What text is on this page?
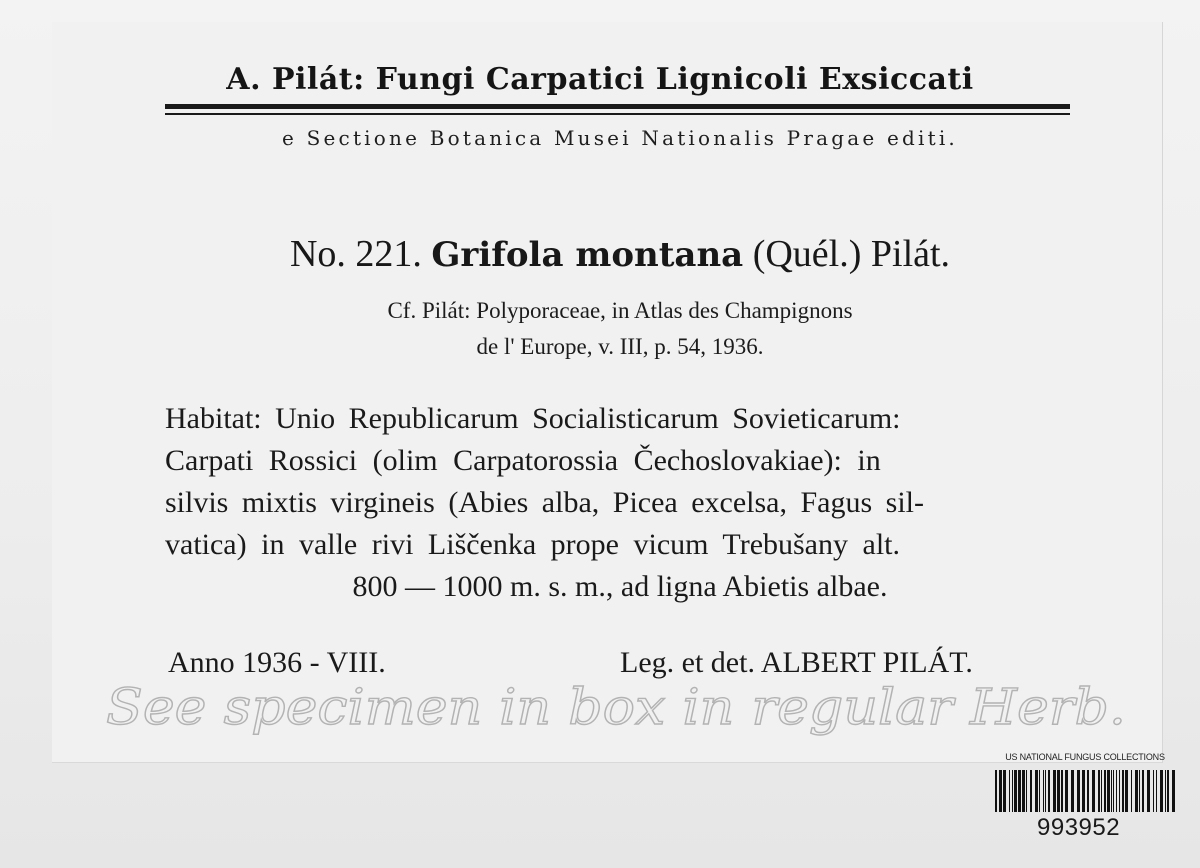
A. Pilát: Fungi Carpatici Lignicoli Exsiccati
e Sectione Botanica Musei Nationalis Pragae editi.
No. 221. Grifola montana (Quél.) Pilát.
Cf. Pilát: Polyporaceae, in Atlas des Champignons
de l' Europe, v. III, p. 54, 1936.
Habitat: Unio Republicarum Socialisticarum Sovieticarum:
Carpati Rossici (olim Carpatorossia Čechoslovakiae): in
silvis mixtis virgineis (Abies alba, Picea excelsa, Fagus sil-
vatica) in valle rivi Liščenka prope vicum Trebušany alt.
800 — 1000 m. s. m., ad ligna Abietis albae.
Anno 1936 - VIII.	Leg. et det. ALBERT PILÁT.
See specimen in box in regular Herb.
US NATIONAL FUNGUS COLLECTIONS
993952
